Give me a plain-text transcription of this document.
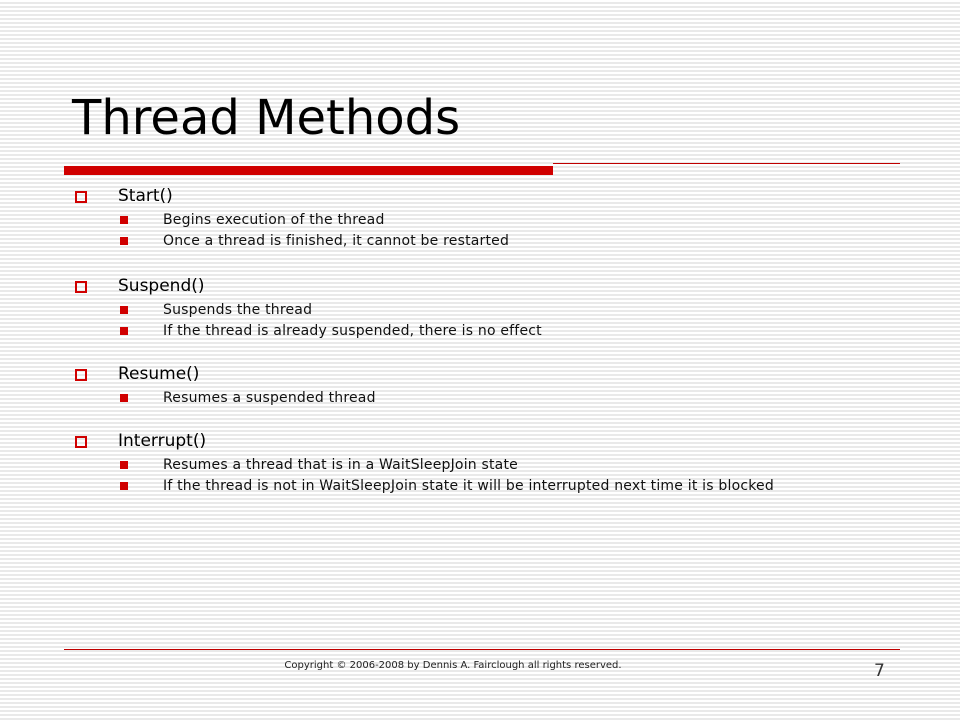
Thread Methods
Start()
Begins execution of the thread
Once a thread is finished, it cannot be restarted
Suspend()
Suspends the thread
If the thread is already suspended, there is no effect
Resume()
Resumes a suspended thread
Interrupt()
Resumes a thread that is in a WaitSleepJoin state
If the thread is not in WaitSleepJoin state it will be interrupted next time it is blocked
Copyright © 2006-2008 by Dennis A. Fairclough all rights reserved.	7
